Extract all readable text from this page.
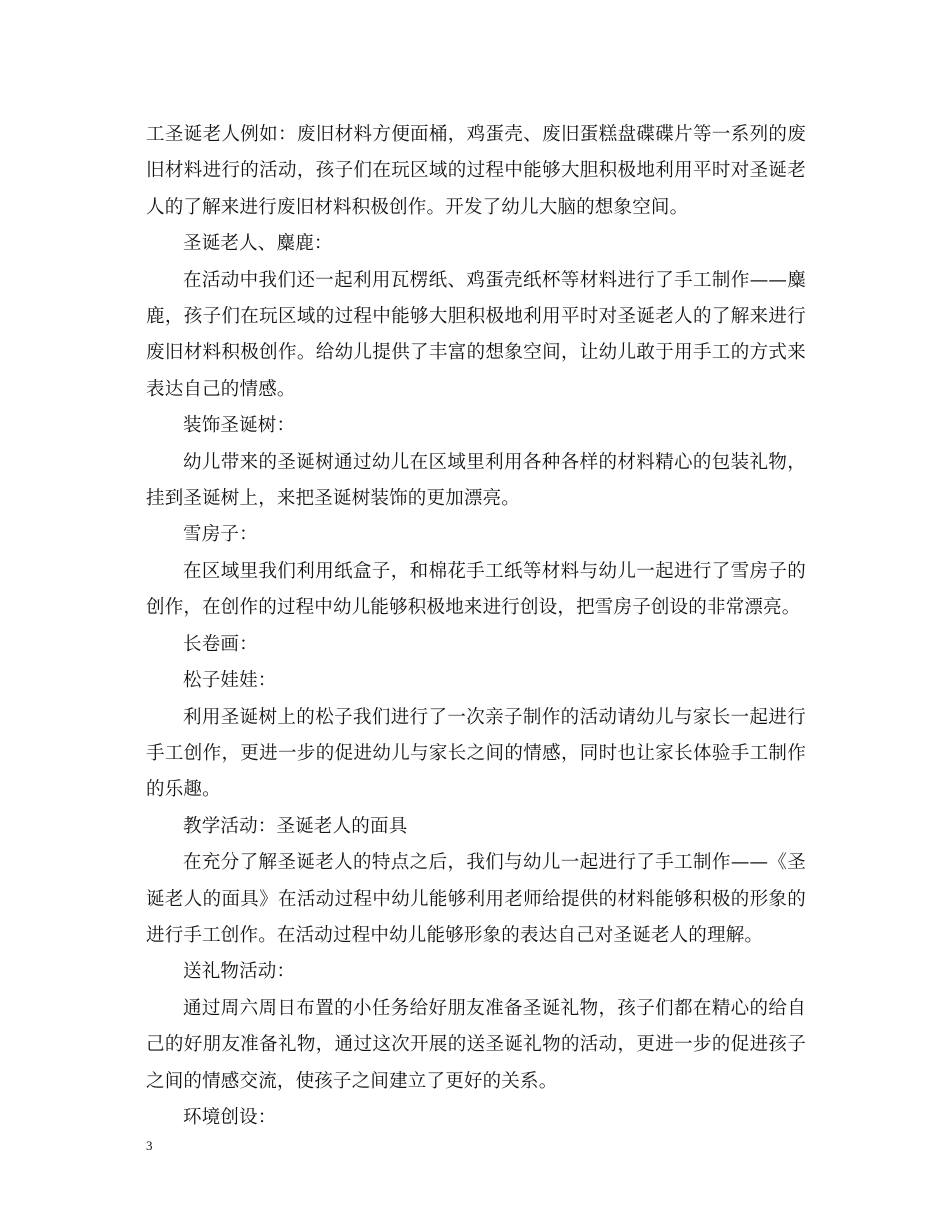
工圣诞老人例如：废旧材料方便面桶，鸡蛋壳、废旧蛋糕盘碟碟片等一系列的废旧材料进行的活动，孩子们在玩区域的过程中能够大胆积极地利用平时对圣诞老人的了解来进行废旧材料积极创作。开发了幼儿大脑的想象空间。

圣诞老人、麋鹿：

在活动中我们还一起利用瓦楞纸、鸡蛋壳纸杯等材料进行了手工制作——麋鹿，孩子们在玩区域的过程中能够大胆积极地利用平时对圣诞老人的了解来进行废旧材料积极创作。给幼儿提供了丰富的想象空间，让幼儿敢于用手工的方式来表达自己的情感。

装饰圣诞树：

幼儿带来的圣诞树通过幼儿在区域里利用各种各样的材料精心的包装礼物，挂到圣诞树上，来把圣诞树装饰的更加漂亮。

雪房子：

在区域里我们利用纸盒子，和棉花手工纸等材料与幼儿一起进行了雪房子的创作，在创作的过程中幼儿能够积极地来进行创设，把雪房子创设的非常漂亮。

长卷画：

松子娃娃：

利用圣诞树上的松子我们进行了一次亲子制作的活动请幼儿与家长一起进行手工创作，更进一步的促进幼儿与家长之间的情感，同时也让家长体验手工制作的乐趣。

教学活动：圣诞老人的面具

在充分了解圣诞老人的特点之后，我们与幼儿一起进行了手工制作——《圣诞老人的面具》在活动过程中幼儿能够利用老师给提供的材料能够积极的形象的进行手工创作。在活动过程中幼儿能够形象的表达自己对圣诞老人的理解。

送礼物活动：

通过周六周日布置的小任务给好朋友准备圣诞礼物，孩子们都在精心的给自己的好朋友准备礼物，通过这次开展的送圣诞礼物的活动，更进一步的促进孩子之间的情感交流，使孩子之间建立了更好的关系。

环境创设：

3
